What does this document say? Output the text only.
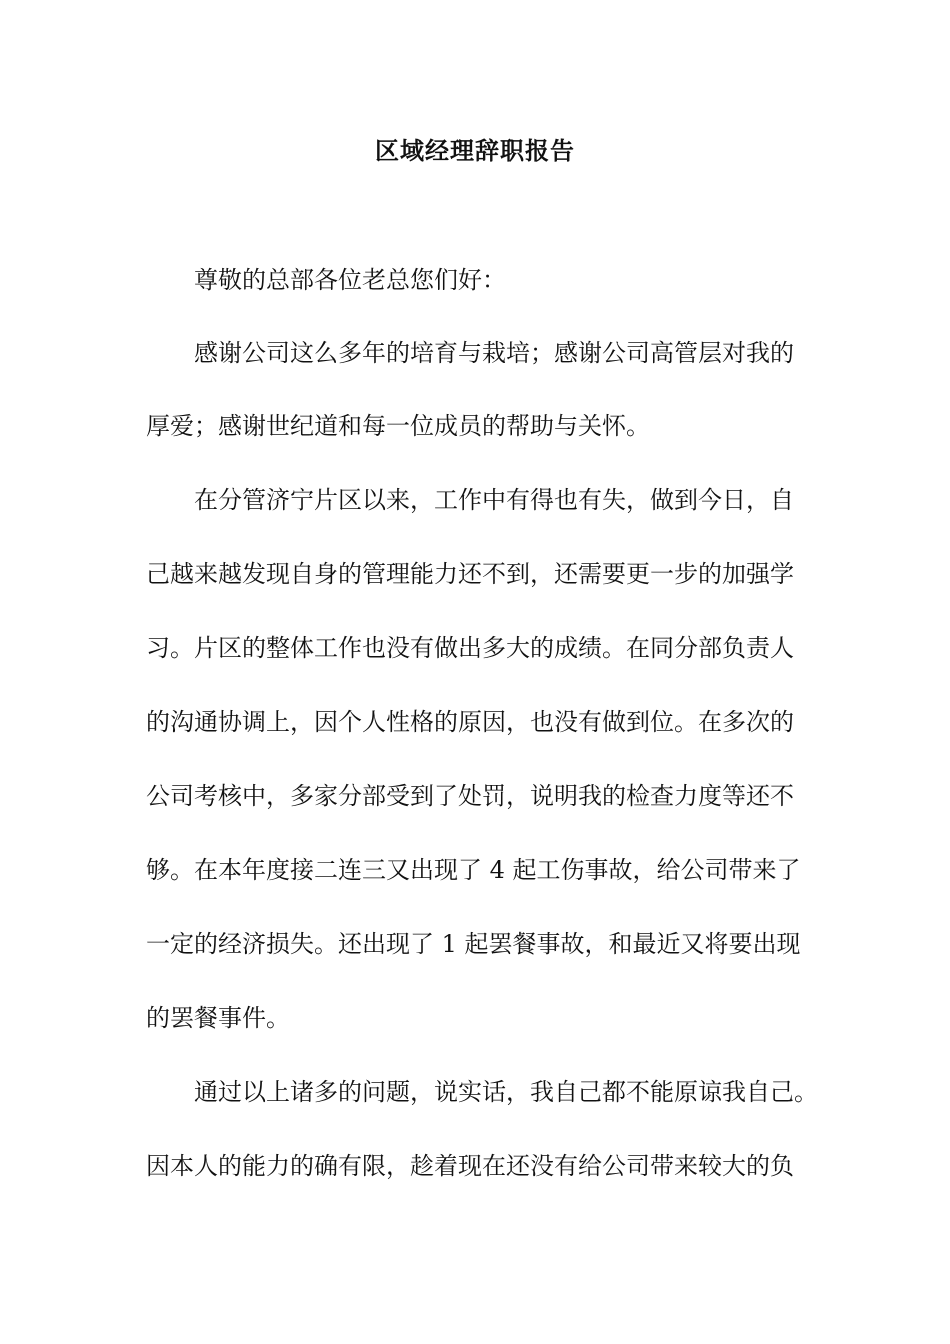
区域经理辞职报告

尊敬的总部各位老总您们好：

感谢公司这么多年的培育与栽培；感谢公司高管层对我的

厚爱；感谢世纪道和每一位成员的帮助与关怀。

在分管济宁片区以来，工作中有得也有失，做到今日，自

己越来越发现自身的管理能力还不到，还需要更一步的加强学

习。片区的整体工作也没有做出多大的成绩。在同分部负责人

的沟通协调上，因个人性格的原因，也没有做到位。在多次的

公司考核中，多家分部受到了处罚，说明我的检查力度等还不

够。在本年度接二连三又出现了 4 起工伤事故，给公司带来了

一定的经济损失。还出现了 1 起罢餐事故，和最近又将要出现

的罢餐事件。

通过以上诸多的问题，说实话，我自己都不能原谅我自己。

因本人的能力的确有限，趁着现在还没有给公司带来较大的负
